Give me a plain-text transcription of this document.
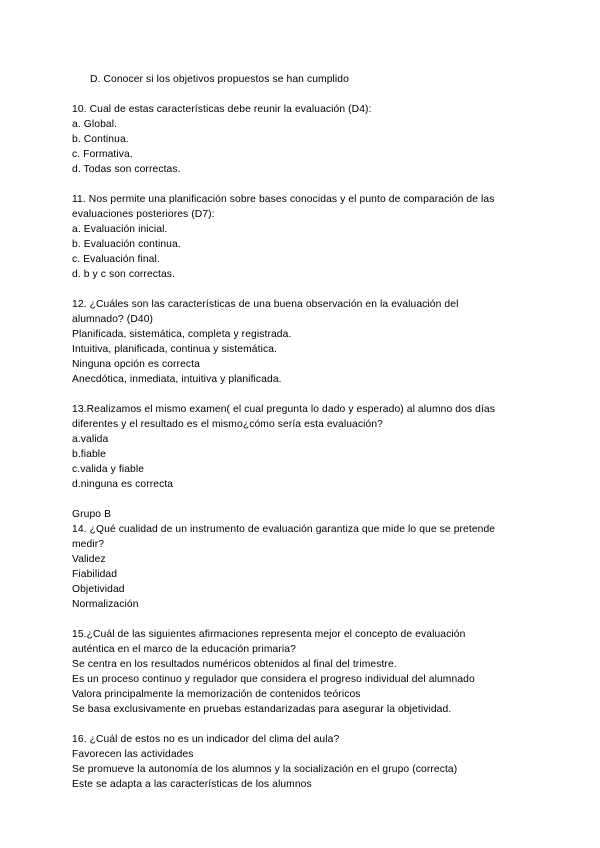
D. Conocer si los objetivos propuestos se han cumplido
10. Cual de estas características debe reunir la evaluación (D4):
a. Global.
b. Continua.
c. Formativa.
d. Todas son correctas.
11. Nos permite una planificación sobre bases conocidas y el punto de comparación de las
evaluaciones posteriores (D7):
a. Evaluación inicial.
b. Evaluación continua.
c. Evaluación final.
d. b y c son correctas.
12. ¿Cuáles son las características de una buena observación en la evaluación del
alumnado? (D40)
Planificada, sistemática, completa y registrada.
Intuitiva, planificada, continua y sistemática.
Ninguna opción es correcta
Anecdótica, inmediata, intuitiva y planificada.
13.Realizamos el mismo examen( el cual pregunta lo dado y esperado) al alumno dos días
diferentes y el resultado es el mismo¿cómo sería esta evaluación?
a.valida
b.fiable
c.valida y fiable
d.ninguna es correcta
Grupo B
14. ¿Qué cualidad de un instrumento de evaluación garantiza que mide lo que se pretende
medir?
Validez
Fiabilidad
Objetividad
Normalización
15.¿Cuál de las siguientes afirmaciones representa mejor el concepto de evaluación
auténtica en el marco de la educación primaria?
Se centra en los resultados numéricos obtenidos al final del trimestre.
Es un proceso continuo y regulador que considera el progreso individual del alumnado
Valora principalmente la memorización de contenidos teóricos
Se basa exclusivamente en pruebas estandarizadas para asegurar la objetividad.
16. ¿Cuál de estos no es un indicador del clima del aula?
Favorecen las actividades
Se promueve la autonomía de los alumnos y la socialización en el grupo (correcta)
Este se adapta a las características de los alumnos
